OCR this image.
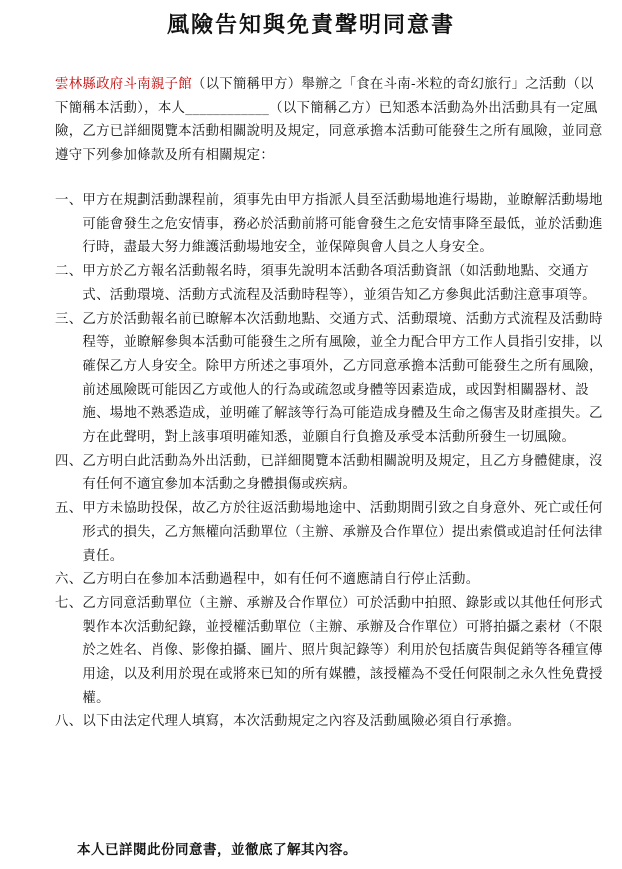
風險告知與免責聲明同意書
雲林縣政府斗南親子館（以下簡稱甲方）舉辦之「食在斗南-米粒的奇幻旅行」之活動（以下簡稱本活動），本人____________（以下簡稱乙方）已知悉本活動為外出活動具有一定風險，乙方已詳細閱覽本活動相關說明及規定，同意承擔本活動可能發生之所有風險，並同意遵守下列參加條款及所有相關規定：
一、 甲方在規劃活動課程前，須事先由甲方指派人員至活動場地進行場勘，並瞭解活動場地可能會發生之危安情事，務必於活動前將可能會發生之危安情事降至最低，並於活動進行時，盡最大努力維護活動場地安全，並保障與會人員之人身安全。
二、 甲方於乙方報名活動報名時，須事先說明本活動各項活動資訊（如活動地點、交通方式、活動環境、活動方式流程及活動時程等），並須告知乙方參與此活動注意事項等。
三、 乙方於活動報名前已瞭解本次活動地點、交通方式、活動環境、活動方式流程及活動時程等，並瞭解參與本活動可能發生之所有風險，並全力配合甲方工作人員指引安排，以確保乙方人身安全。除甲方所述之事項外，乙方同意承擔本活動可能發生之所有風險，前述風險既可能因乙方或他人的行為或疏忽或身體等因素造成，或因對相關器材、設施、場地不熟悉造成，並明確了解該等行為可能造成身體及生命之傷害及財產損失。乙方在此聲明，對上該事項明確知悉，並願自行負擔及承受本活動所發生一切風險。
四、 乙方明白此活動為外出活動，已詳細閱覽本活動相關說明及規定，且乙方身體健康，沒有任何不適宜參加本活動之身體損傷或疾病。
五、 甲方未協助投保，故乙方於往返活動場地途中、活動期間引致之自身意外、死亡或任何形式的損失，乙方無權向活動單位（主辦、承辦及合作單位）提出索償或追討任何法律責任。
六、 乙方明白在參加本活動過程中，如有任何不適應請自行停止活動。
七、 乙方同意活動單位（主辦、承辦及合作單位）可於活動中拍照、錄影或以其他任何形式製作本次活動紀錄，並授權活動單位（主辦、承辦及合作單位）可將拍攝之素材（不限於之姓名、肖像、影像拍攝、圖片、照片與記錄等）利用於包括廣告與促銷等各種宣傳用途，以及利用於現在或將來已知的所有媒體，該授權為不受任何限制之永久性免費授權。
八、 以下由法定代理人填寫，本次活動規定之內容及活動風險必須自行承擔。
本人已詳閱此份同意書，並徹底了解其內容。
